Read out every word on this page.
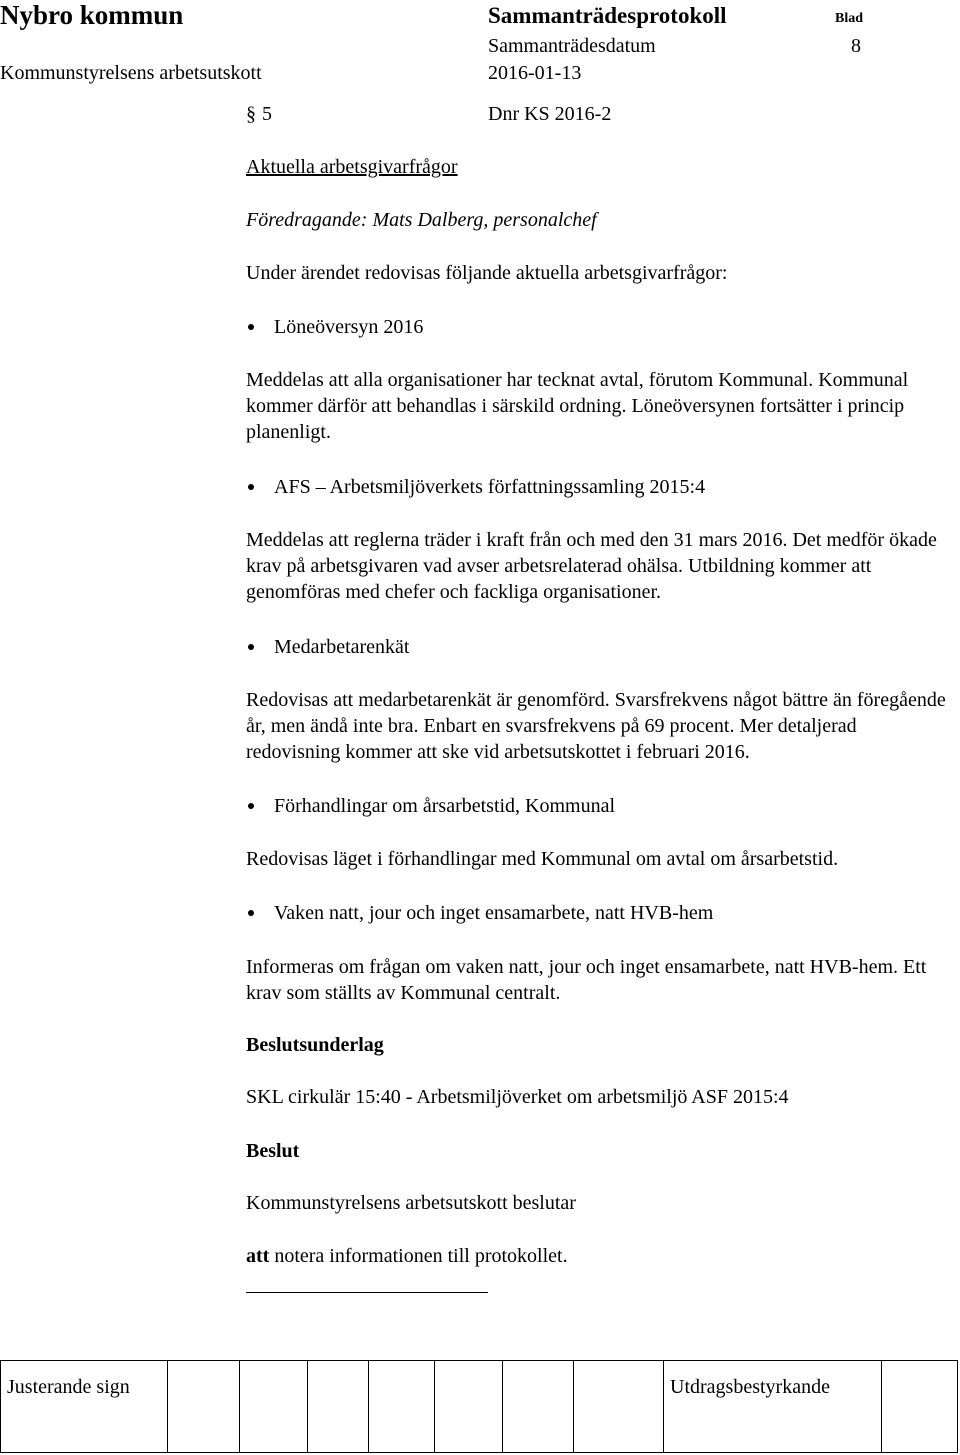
Nybro kommun
Kommunstyrelsens arbetsutskott
Sammanträdesprotokoll
Sammanträdesdatum
2016-01-13
Blad
8
§ 5	Dnr KS 2016-2
Aktuella arbetsgivarfrågor
Föredragande: Mats Dalberg, personalchef
Under ärendet redovisas följande aktuella arbetsgivarfrågor:
Löneöversyn 2016
Meddelas att alla organisationer har tecknat avtal, förutom Kommunal. Kommunal kommer därför att behandlas i särskild ordning. Löneöversynen fortsätter i princip planenligt.
AFS – Arbetsmiljöverkets författningssamling 2015:4
Meddelas att reglerna träder i kraft från och med den 31 mars 2016. Det medför ökade krav på arbetsgivaren vad avser arbetsrelaterad ohälsa. Utbildning kommer att genomföras med chefer och fackliga organisationer.
Medarbetarenkät
Redovisas att medarbetarenkät är genomförd. Svarsfrekvens något bättre än föregående år, men ändå inte bra. Enbart en svarsfrekvens på 69 procent. Mer detaljerad redovisning kommer att ske vid arbetsutskottet i februari 2016.
Förhandlingar om årsarbetstid, Kommunal
Redovisas läget i förhandlingar med Kommunal om avtal om årsarbetstid.
Vaken natt, jour och inget ensamarbete, natt HVB-hem
Informeras om frågan om vaken natt, jour och inget ensamarbete, natt HVB-hem. Ett krav som ställts av Kommunal centralt.
Beslutsunderlag
SKL cirkulär 15:40 - Arbetsmiljöverket om arbetsmiljö ASF 2015:4
Beslut
Kommunstyrelsens arbetsutskott beslutar
att notera informationen till protokollet.
Justerande sign	Utdragsbestyrkande
